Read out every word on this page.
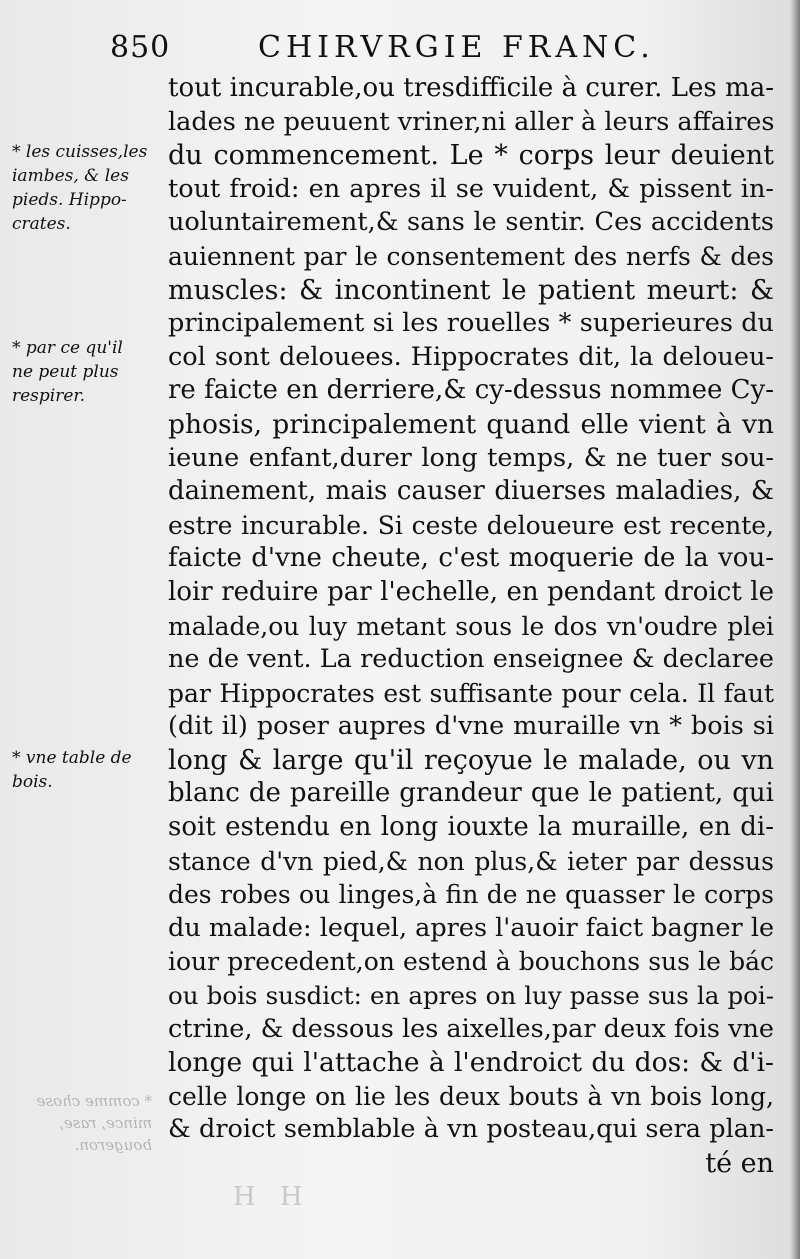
850	CHIRVRGIE FRANC.
* les cuisses,les
iambes, & les
pieds. Hippo-
crates.
* par ce qu'il
ne peut plus
respirer.
* vne table de
bois.
* comme chose
mince, rase,
bougeron.
H H
tout incurable,ou tresdifficile à curer. Les ma-
lades ne peuuent vriner,ni aller à leurs affaires
du commencement. Le * corps leur deuient
tout froid: en apres il se vuident, & pissent in-
uoluntairement,& sans le sentir. Ces accidents
auiennent par le consentement des nerfs & des
muscles: & incontinent le patient meurt: &
principalement si les rouelles * superieures du
col sont delouees. Hippocrates dit, la deloueu-
re faicte en derriere,& cy-dessus nommee Cy-
phosis, principalement quand elle vient à vn
ieune enfant,durer long temps, & ne tuer sou-
dainement, mais causer diuerses maladies, &
estre incurable. Si ceste deloueure est recente,
faicte d'vne cheute, c'est moquerie de la vou-
loir reduire par l'echelle, en pendant droict le
malade,ou luy metant sous le dos vn'oudre plei
ne de vent. La reduction enseignee & declaree
par Hippocrates est suffisante pour cela. Il faut
(dit il) poser aupres d'vne muraille vn * bois si
long & large qu'il reçoyue le malade, ou vn
blanc de pareille grandeur que le patient, qui
soit estendu en long iouxte la muraille, en di-
stance d'vn pied,& non plus,& ieter par dessus
des robes ou linges,à fin de ne quasser le corps
du malade: lequel, apres l'auoir faict bagner le
iour precedent,on estend à bouchons sus le bác
ou bois susdict: en apres on luy passe sus la poi-
ctrine, & dessous les aixelles,par deux fois vne
longe qui l'attache à l'endroict du dos: & d'i-
celle longe on lie les deux bouts à vn bois long,
& droict semblable à vn posteau,qui sera plan-
té en
